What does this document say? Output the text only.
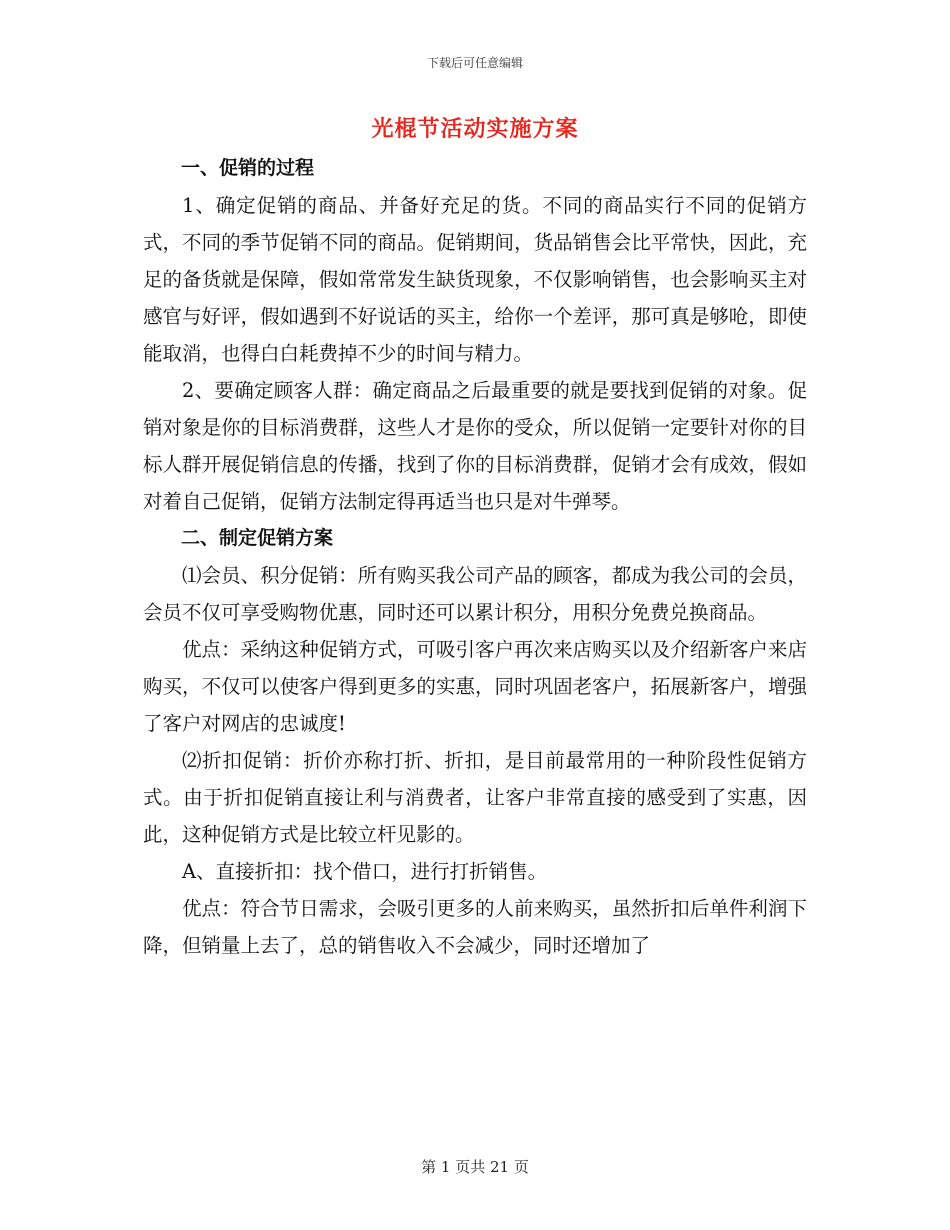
下载后可任意编辑
光棍节活动实施方案

一、促销的过程

1、确定促销的商品、并备好充足的货。不同的商品实行不同的促销方式，不同的季节促销不同的商品。促销期间，货品销售会比平常快，因此，充足的备货就是保障，假如常常发生缺货现象，不仅影响销售，也会影响买主对感官与好评，假如遇到不好说话的买主，给你一个差评，那可真是够呛，即使能取消，也得白白耗费掉不少的时间与精力。

2、要确定顾客人群：确定商品之后最重要的就是要找到促销的对象。促销对象是你的目标消费群，这些人才是你的受众，所以促销一定要针对你的目标人群开展促销信息的传播，找到了你的目标消费群，促销才会有成效，假如对着自己促销，促销方法制定得再适当也只是对牛弹琴。

二、制定促销方案

⑴会员、积分促销：所有购买我公司产品的顾客，都成为我公司的会员，会员不仅可享受购物优惠，同时还可以累计积分，用积分免费兑换商品。

优点：采纳这种促销方式，可吸引客户再次来店购买以及介绍新客户来店购买，不仅可以使客户得到更多的实惠，同时巩固老客户，拓展新客户，增强了客户对网店的忠诚度!

⑵折扣促销：折价亦称打折、折扣，是目前最常用的一种阶段性促销方式。由于折扣促销直接让利与消费者，让客户非常直接的感受到了实惠，因此，这种促销方式是比较立杆见影的。

A、直接折扣：找个借口，进行打折销售。

优点：符合节日需求，会吸引更多的人前来购买，虽然折扣后单件利润下降，但销量上去了，总的销售收入不会减少，同时还增加了

第 1 页共 21 页
